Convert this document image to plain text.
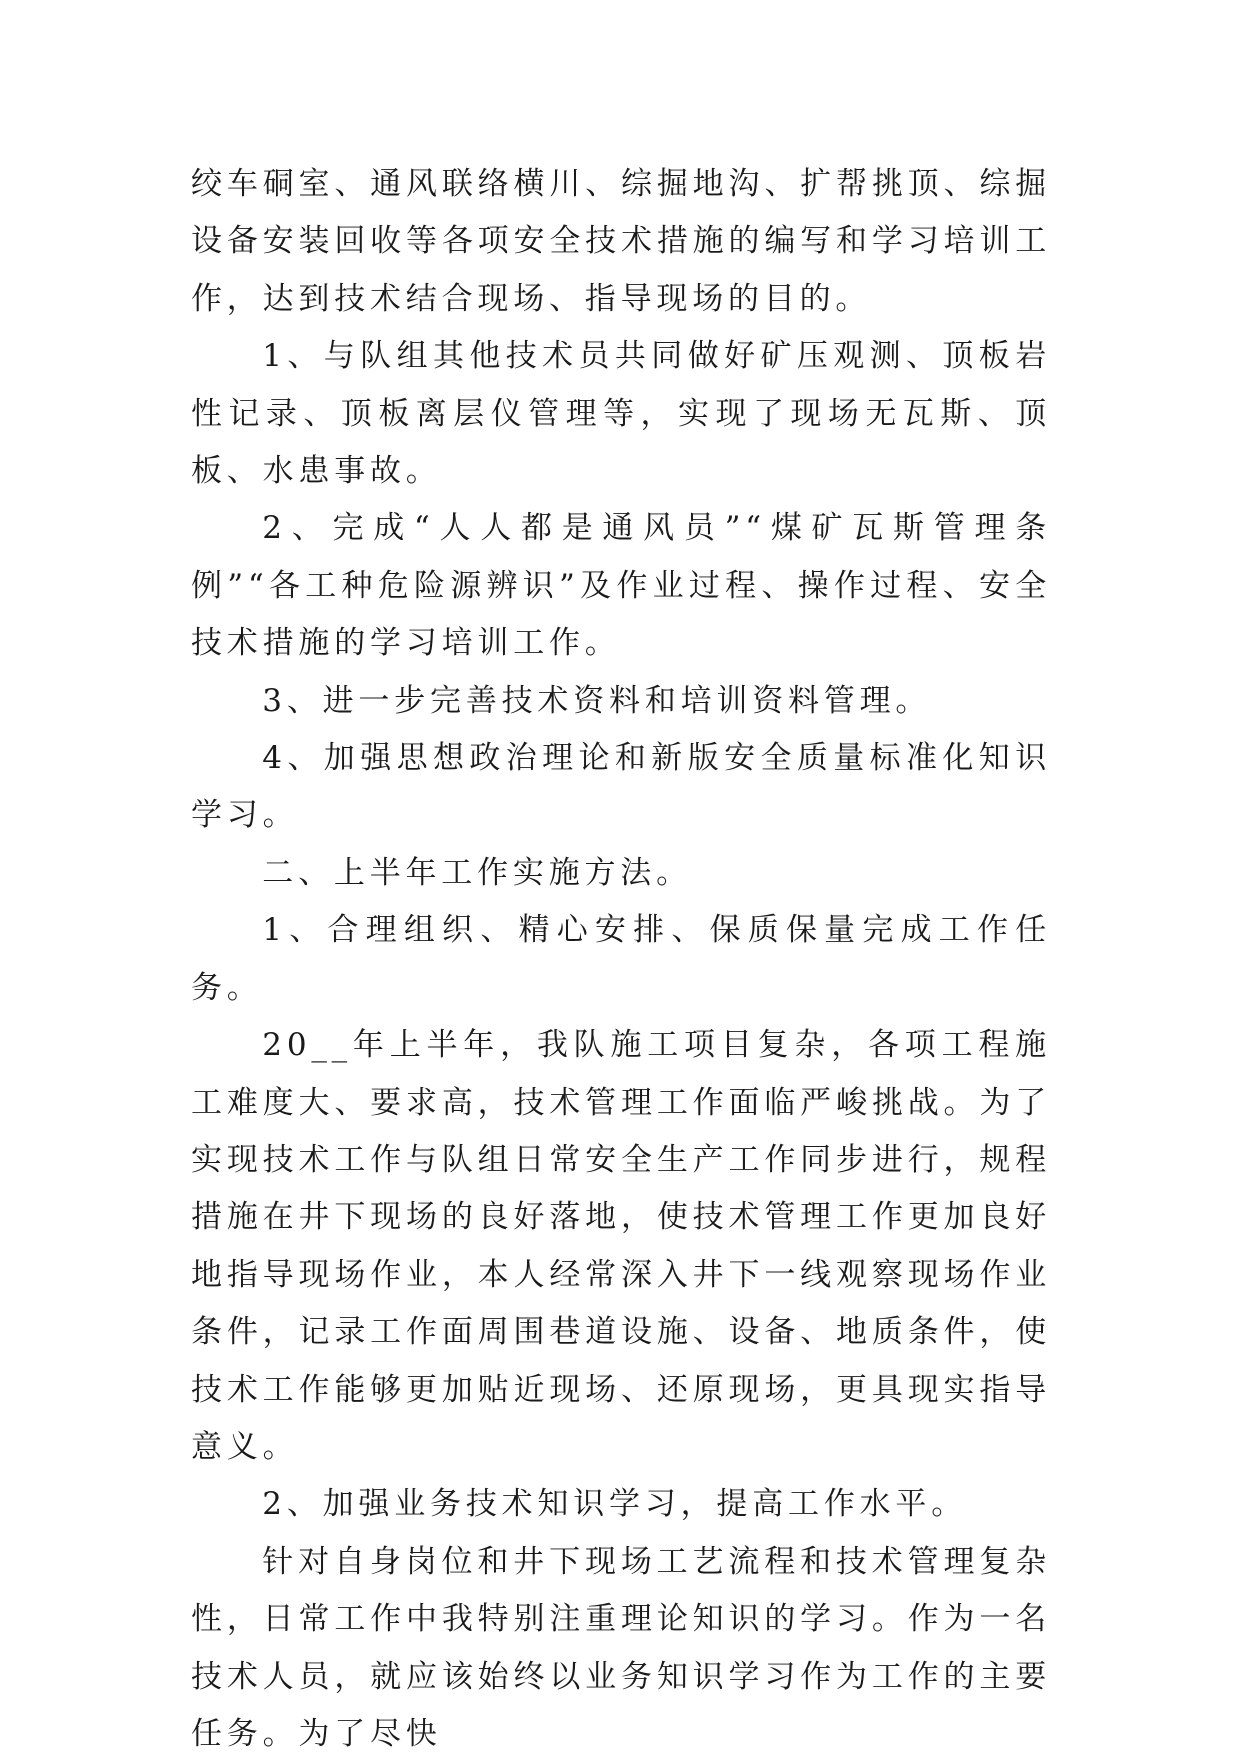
绞车硐室、通风联络横川、综掘地沟、扩帮挑顶、综掘设备安装回收等各项安全技术措施的编写和学习培训工作，达到技术结合现场、指导现场的目的。

1、与队组其他技术员共同做好矿压观测、顶板岩性记录、顶板离层仪管理等，实现了现场无瓦斯、顶板、水患事故。

2、完成“人人都是通风员”“煤矿瓦斯管理条例”“各工种危险源辨识”及作业过程、操作过程、安全技术措施的学习培训工作。

3、进一步完善技术资料和培训资料管理。

4、加强思想政治理论和新版安全质量标准化知识学习。

二、上半年工作实施方法。

1、合理组织、精心安排、保质保量完成工作任务。

20__年上半年，我队施工项目复杂，各项工程施工难度大、要求高，技术管理工作面临严峻挑战。为了实现技术工作与队组日常安全生产工作同步进行，规程措施在井下现场的良好落地，使技术管理工作更加良好地指导现场作业，本人经常深入井下一线观察现场作业条件，记录工作面周围巷道设施、设备、地质条件，使技术工作能够更加贴近现场、还原现场，更具现实指导意义。

2、加强业务技术知识学习，提高工作水平。

针对自身岗位和井下现场工艺流程和技术管理复杂性，日常工作中我特别注重理论知识的学习。作为一名技术人员，就应该始终以业务知识学习作为工作的主要任务。为了尽快
